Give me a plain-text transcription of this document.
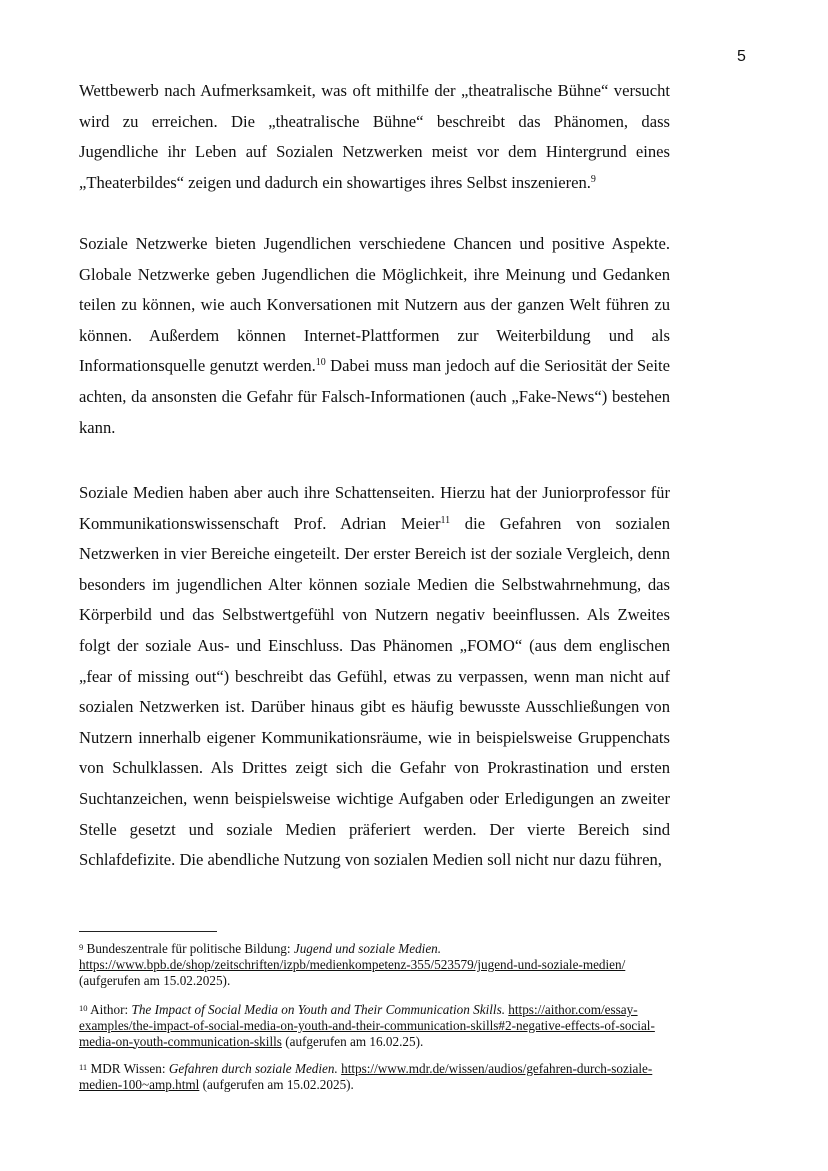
5

Wettbewerb nach Aufmerksamkeit, was oft mithilfe der „theatralische Bühne“ versucht wird zu erreichen. Die „theatralische Bühne“ beschreibt das Phänomen, dass Jugendliche ihr Leben auf Sozialen Netzwerken meist vor dem Hintergrund eines „Theaterbildes“ zeigen und dadurch ein showartiges ihres Selbst inszenieren.$^9$

Soziale Netzwerke bieten Jugendlichen verschiedene Chancen und positive Aspekte. Globale Netzwerke geben Jugendlichen die Möglichkeit, ihre Meinung und Gedanken teilen zu können, wie auch Konversationen mit Nutzern aus der ganzen Welt führen zu können. Außerdem können Internet-Plattformen zur Weiterbildung und als Informationsquelle genutzt werden.$^{10}$ Dabei muss man jedoch auf die Seriosität der Seite achten, da ansonsten die Gefahr für Falsch-Informationen (auch „Fake-News“) bestehen kann.

Soziale Medien haben aber auch ihre Schattenseiten. Hierzu hat der Juniorprofessor für Kommunikationswissenschaft Prof. Adrian Meier$^{11}$ die Gefahren von sozialen Netzwerken in vier Bereiche eingeteilt. Der erster Bereich ist der soziale Vergleich, denn besonders im jugendlichen Alter können soziale Medien die Selbstwahrnehmung, das Körperbild und das Selbstwertgefühl von Nutzern negativ beeinflussen. Als Zweites folgt der soziale Aus- und Einschluss. Das Phänomen „FOMO“ (aus dem englischen „fear of missing out“) beschreibt das Gefühl, etwas zu verpassen, wenn man nicht auf sozialen Netzwerken ist. Darüber hinaus gibt es häufig bewusste Ausschließungen von Nutzern innerhalb eigener Kommunikationsräume, wie in beispielsweise Gruppenchats von Schulklassen. Als Drittes zeigt sich die Gefahr von Prokrastination und ersten Suchtanzeichen, wenn beispielsweise wichtige Aufgaben oder Erledigungen an zweiter Stelle gesetzt und soziale Medien präferiert werden. Der vierte Bereich sind Schlafdefizite. Die abendliche Nutzung von sozialen Medien soll nicht nur dazu führen,

$^9$ Bundeszentrale für politische Bildung: Jugend und soziale Medien. https://www.bpb.de/shop/zeitschriften/izpb/medienkompetenz-355/523579/jugend-und-soziale-medien/ (aufgerufen am 15.02.2025).

$^{10}$ Aithor: The Impact of Social Media on Youth and Their Communication Skills. https://aithor.com/essay-examples/the-impact-of-social-media-on-youth-and-their-communication-skills#2-negative-effects-of-social-media-on-youth-communication-skills (aufgerufen am 16.02.25).

$^{11}$ MDR Wissen: Gefahren durch soziale Medien. https://www.mdr.de/wissen/audios/gefahren-durch-soziale-medien-100~amp.html (aufgerufen am 15.02.2025).
